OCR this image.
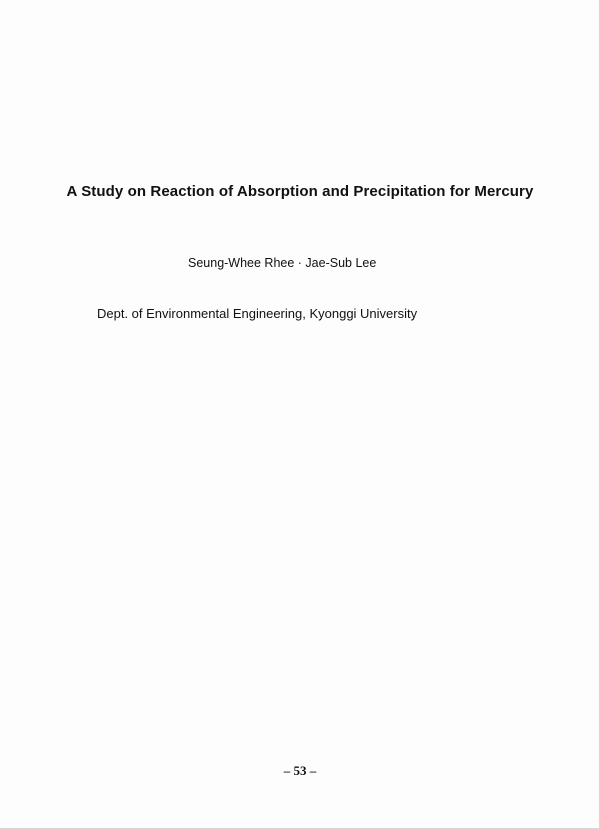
A Study on Reaction of Absorption and Precipitation for Mercury
Seung-Whee Rhee · Jae-Sub Lee
Dept. of Environmental Engineering, Kyonggi University
– 53 –
